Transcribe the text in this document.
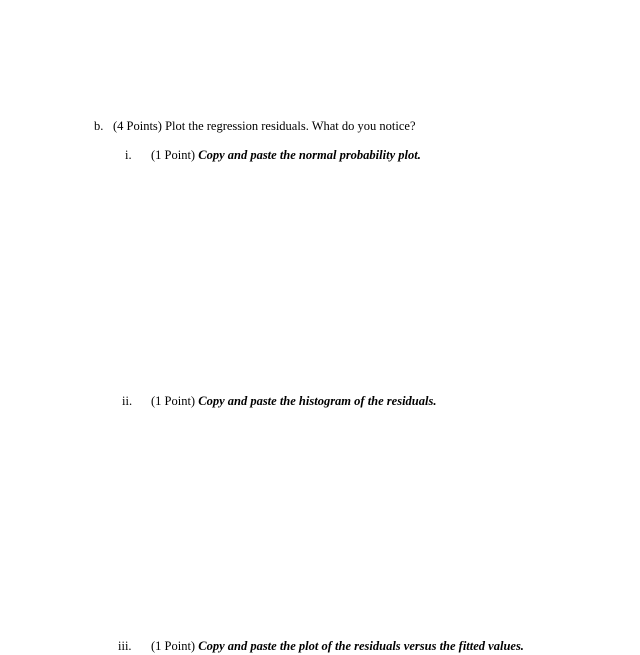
b. (4 Points) Plot the regression residuals. What do you notice?
i. (1 Point) Copy and paste the normal probability plot.
ii. (1 Point) Copy and paste the histogram of the residuals.
iii. (1 Point) Copy and paste the plot of the residuals versus the fitted values.
